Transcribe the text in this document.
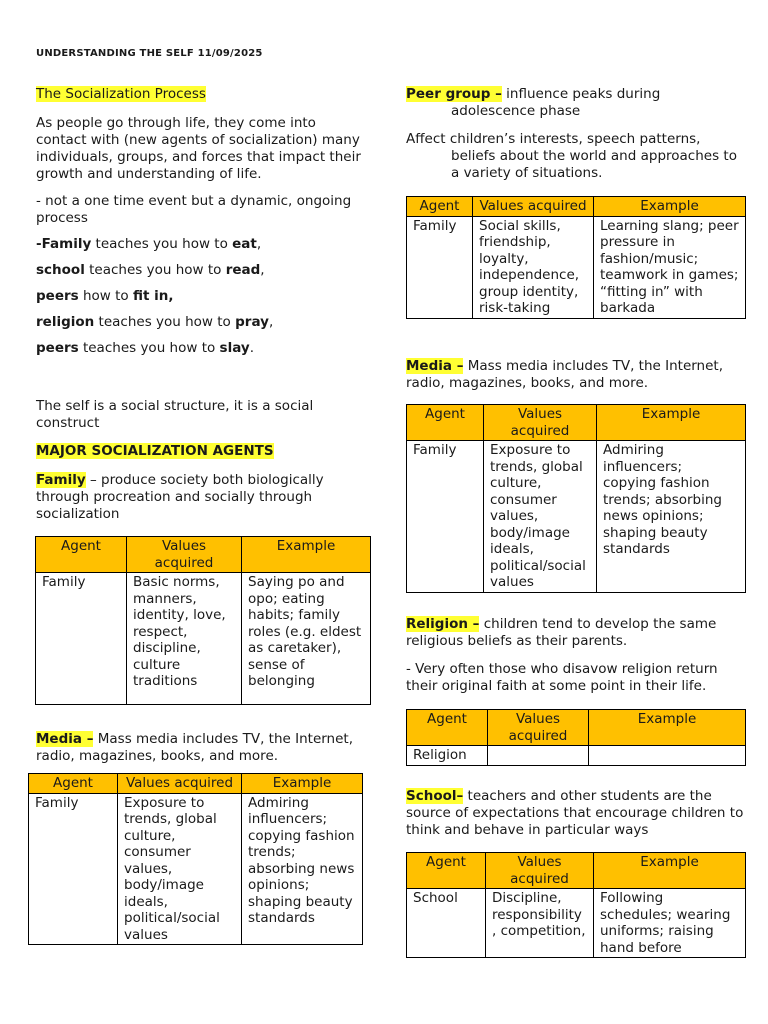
UNDERSTANDING THE SELF 11/09/2025

The Socialization Process

As people go through life, they come into contact with (new agents of socialization) many individuals, groups, and forces that impact their growth and understanding of life.

- not a one time event but a dynamic, ongoing process

-Family teaches you how to eat,

school teaches you how to read,

peers how to fit in,

religion teaches you how to pray,

peers teaches you how to slay.

The self is a social structure, it is a social construct
MAJOR SOCIALIZATION AGENTS
Family – produce society both biologically through procreation and socially through socialization
Agent	Values acquired	Example
Family	Basic norms, manners, identity, love, respect, discipline, culture traditions	Saying po and opo; eating habits; family roles (e.g. eldest as caretaker), sense of belonging
Media – Mass media includes TV, the Internet, radio, magazines, books, and more.
Agent	Values acquired	Example
Family	Exposure to trends, global culture, consumer values, body/image ideals, political/social values	Admiring influencers; copying fashion trends; absorbing news opinions; shaping beauty standards

Peer group – influence peaks during

adolescence phase

Affect children’s interests, speech patterns,

beliefs about the world and approaches to a variety of situations.

Agent	Values acquired	Example
Family	Social skills, friendship, loyalty, independence, group identity, risk-taking	Learning slang; peer pressure in fashion/music; teamwork in games; “fitting in” with barkada
Media – Mass media includes TV, the Internet, radio, magazines, books, and more.
Agent	Values acquired	Example
Family	Exposure to trends, global culture, consumer values, body/image ideals, political/social values	Admiring influencers; copying fashion trends; absorbing news opinions; shaping beauty standards

Religion – children tend to develop the same religious beliefs as their parents.

- Very often those who disavow religion return their original faith at some point in their life.

Agent	Values acquired	Example
Religion		
School– teachers and other students are the source of expectations that encourage children to think and behave in particular ways
Agent	Values acquired	Example
School	Discipline, responsibility , competition,	Following schedules; wearing uniforms; raising hand before
